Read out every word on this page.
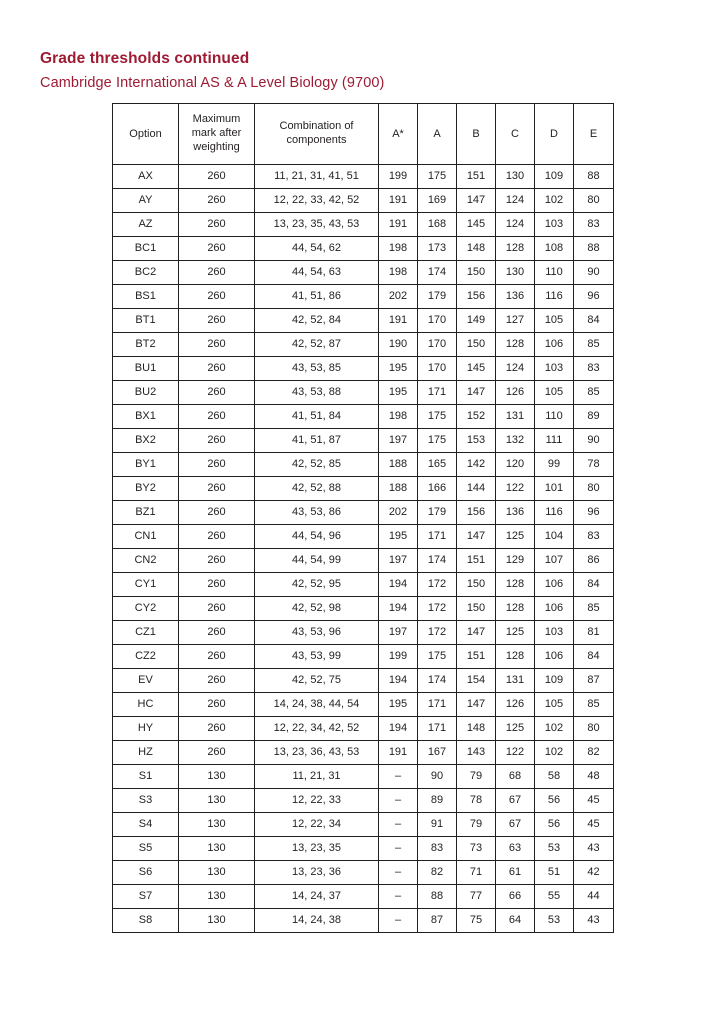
Grade thresholds continued

Cambridge International AS & A Level Biology (9700)

Option	Maximum
mark after
weighting	Combination of
components	A*	A	B	C	D	E
AX	260	11, 21, 31, 41, 51	199	175	151	130	109	88
AY	260	12, 22, 33, 42, 52	191	169	147	124	102	80
AZ	260	13, 23, 35, 43, 53	191	168	145	124	103	83
BC1	260	44, 54, 62	198	173	148	128	108	88
BC2	260	44, 54, 63	198	174	150	130	110	90
BS1	260	41, 51, 86	202	179	156	136	116	96
BT1	260	42, 52, 84	191	170	149	127	105	84
BT2	260	42, 52, 87	190	170	150	128	106	85
BU1	260	43, 53, 85	195	170	145	124	103	83
BU2	260	43, 53, 88	195	171	147	126	105	85
BX1	260	41, 51, 84	198	175	152	131	110	89
BX2	260	41, 51, 87	197	175	153	132	111	90
BY1	260	42, 52, 85	188	165	142	120	99	78
BY2	260	42, 52, 88	188	166	144	122	101	80
BZ1	260	43, 53, 86	202	179	156	136	116	96
CN1	260	44, 54, 96	195	171	147	125	104	83
CN2	260	44, 54, 99	197	174	151	129	107	86
CY1	260	42, 52, 95	194	172	150	128	106	84
CY2	260	42, 52, 98	194	172	150	128	106	85
CZ1	260	43, 53, 96	197	172	147	125	103	81
CZ2	260	43, 53, 99	199	175	151	128	106	84
EV	260	42, 52, 75	194	174	154	131	109	87
HC	260	14, 24, 38, 44, 54	195	171	147	126	105	85
HY	260	12, 22, 34, 42, 52	194	171	148	125	102	80
HZ	260	13, 23, 36, 43, 53	191	167	143	122	102	82
S1	130	11, 21, 31	–	90	79	68	58	48
S3	130	12, 22, 33	–	89	78	67	56	45
S4	130	12, 22, 34	–	91	79	67	56	45
S5	130	13, 23, 35	–	83	73	63	53	43
S6	130	13, 23, 36	–	82	71	61	51	42
S7	130	14, 24, 37	–	88	77	66	55	44
S8	130	14, 24, 38	–	87	75	64	53	43
